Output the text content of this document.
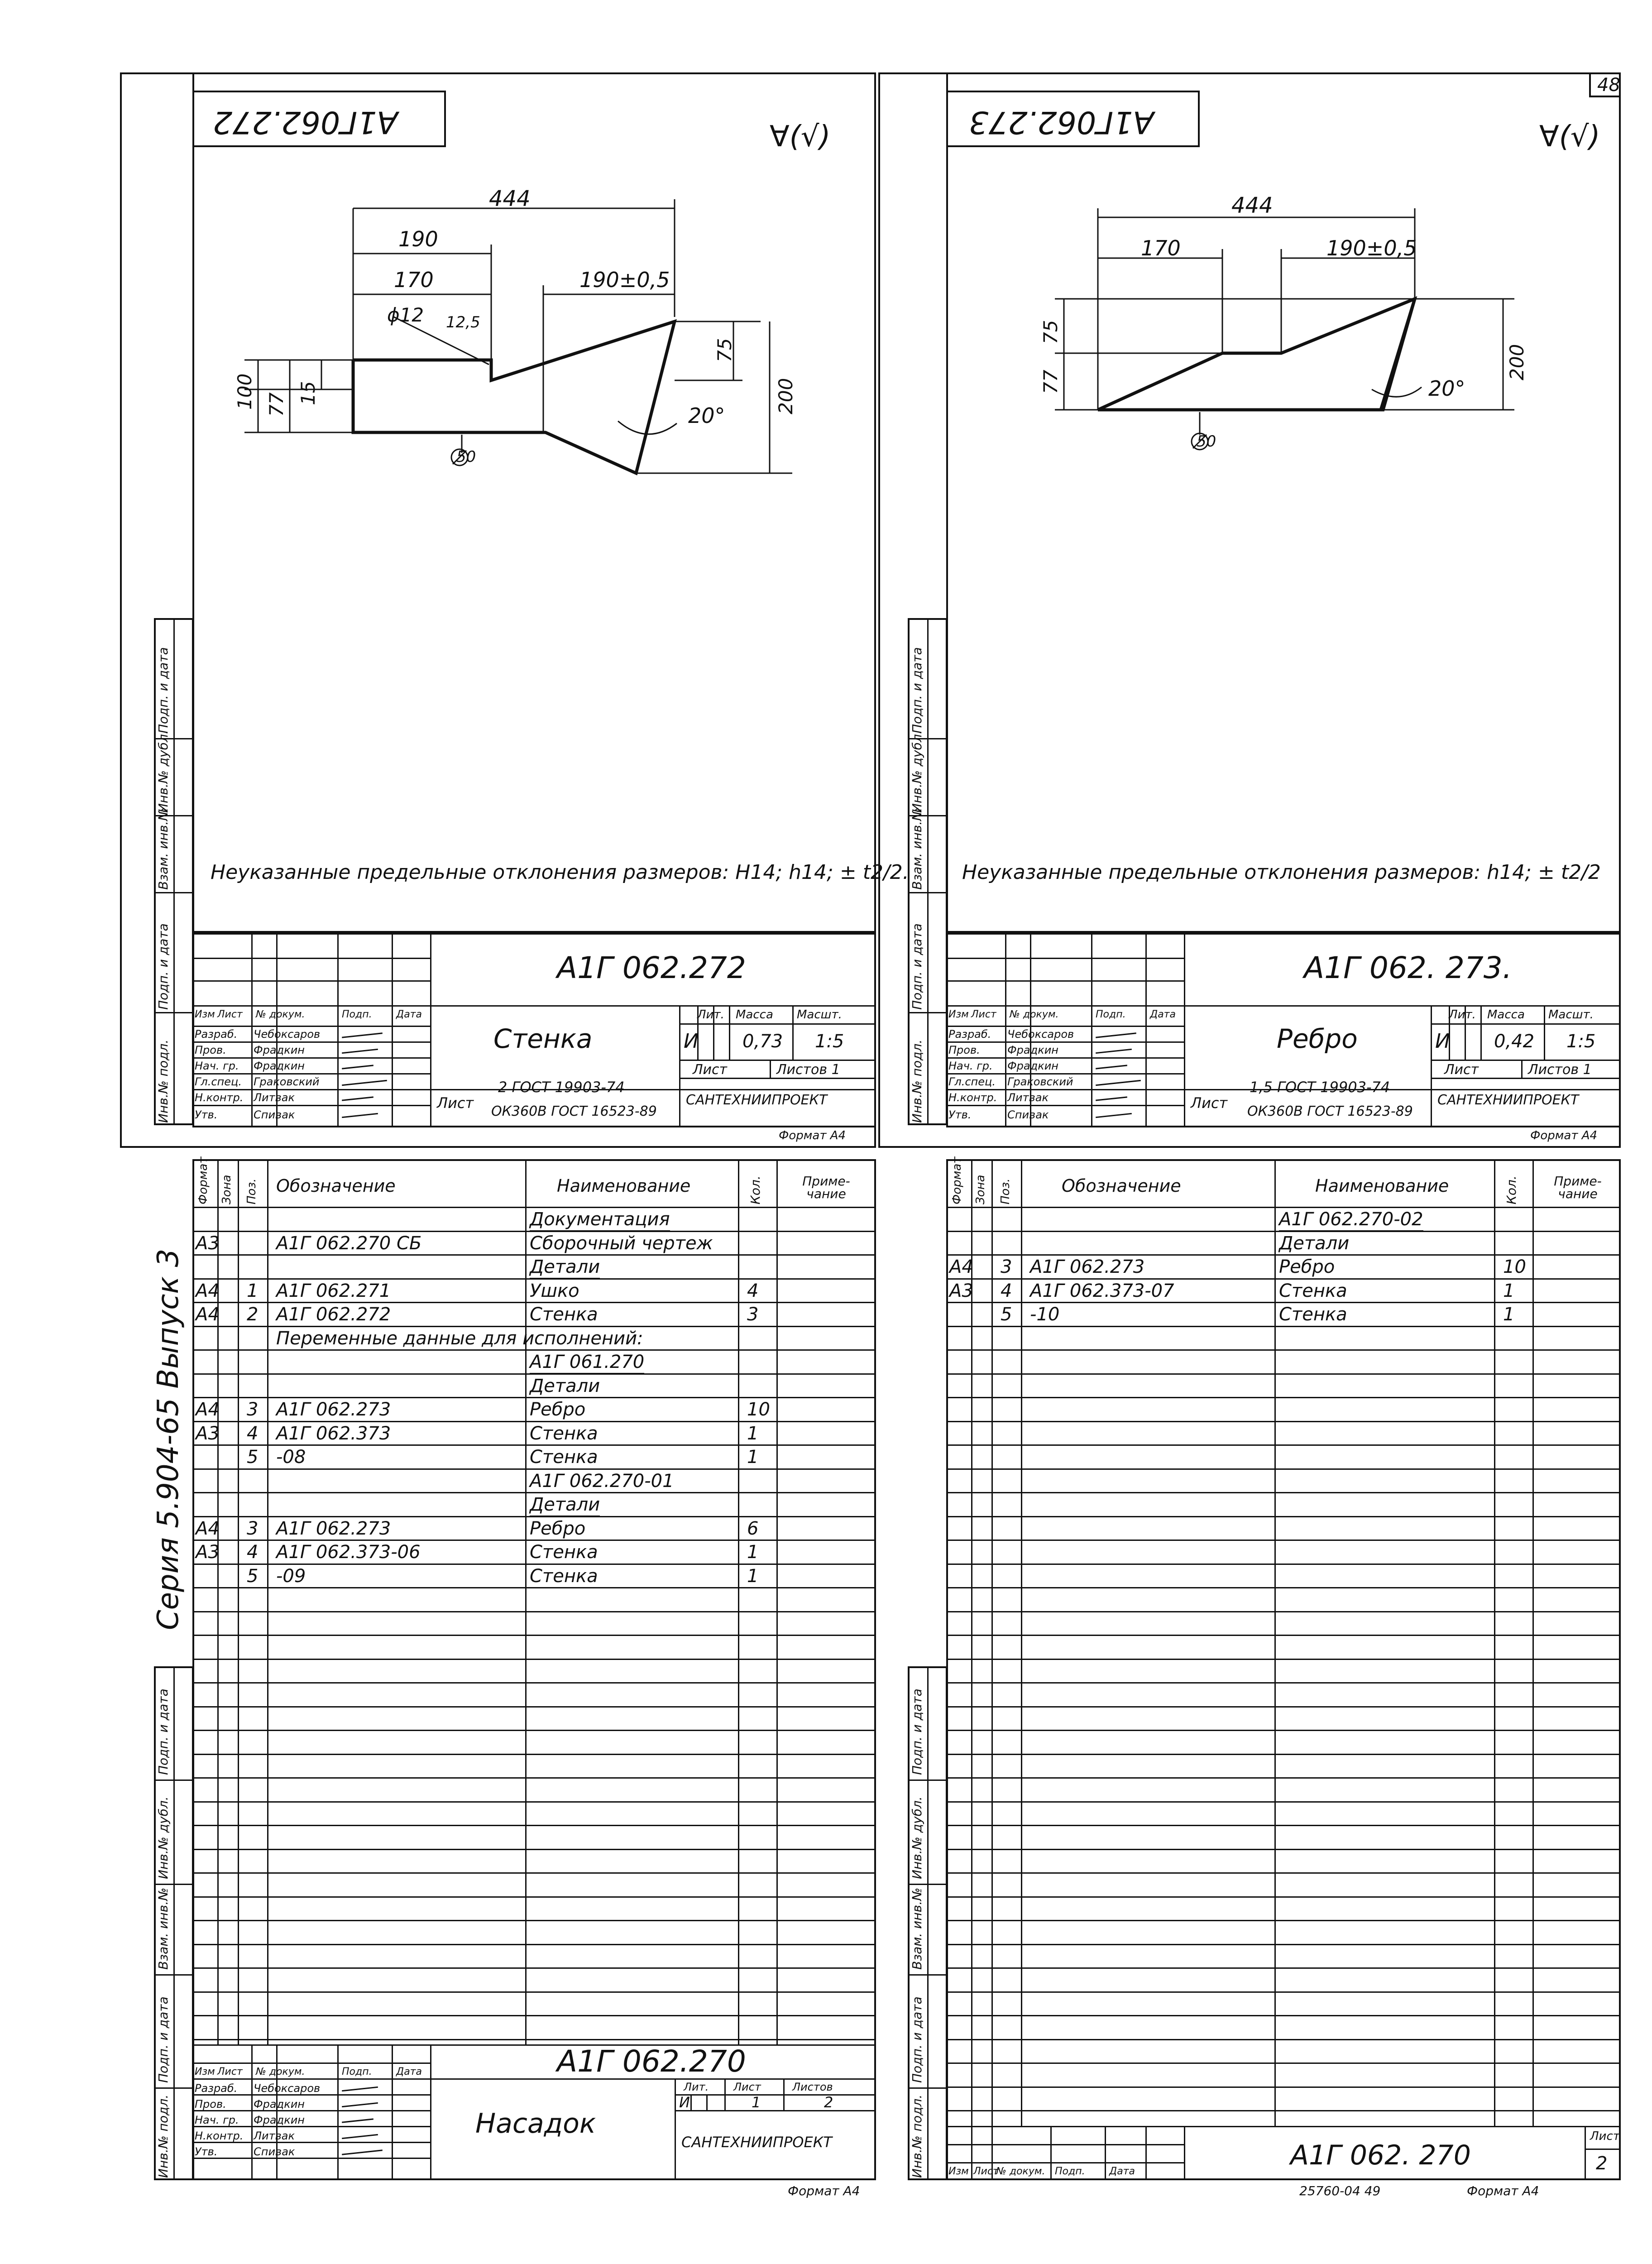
А1Г062.272	∀(√)
444
190
170	190±0,5
ϕ12 12,5
100 77 15
75
200
20°
50
Неуказанные предельные отклонения размеров: H14; h14; ± t2/2.
Подп. и дата
Инв.№ дубл.
Взам. инв.№
Подп. и дата
Инв.№ подл.
А1Г 062.272
Стенка
Лит. Масса Масшт.
И 0,73 1:5
Лист	Листов 1
Лист
2 ГОСТ 19903-74
ОК360В ГОСТ 16523-89
САНТЕХНИИПРОЕКТ
Формат А4
Изм Лист № докум.	Подп. Дата
Разраб. Чебоксаров
Пров.	Фрадкин
Нач. гр. Фрадкин
Гл.спец. Граковский
Н.контр. Литвак
Утв.	Спивак
А1Г062.273	∀(√)
48
444
170	190±0,5
75
77
200
20°
50
Неуказанные предельные отклонения размеров: h14; ± t2/2
Подп. и дата
Инв.№ дубл.
Взам. инв.№
Подп. и дата
Инв.№ подл.
А1Г 062. 273.
Ребро
Лит. Масса Масшт.
И 0,42 1:5
Лист	Листов 1
Лист
1,5 ГОСТ 19903-74
ОК360В ГОСТ 16523-89
САНТЕХНИИПРОЕКТ
Формат А4
Изм Лист № докум.	Подп. Дата
Разраб. Чебоксаров
Пров.	Фрадкин
Нач. гр. Фрадкин
Гл.спец. Граковский
Н.контр. Литвак
Утв.	Спивак
Серия 5.904-65 Выпуск 3
Подп. и дата
Инв.№ дубл.
Взам. инв.№
Подп. и дата
Инв.№ подл.
Формат Зона Поз. Обозначение	Наименование	Кол.	Приме-чание
Документация
А3	А1Г 062.270 СБ	Сборочный чертеж
Детали
А4 1 А1Г 062.271	Ушко	4
А4 2 А1Г 062.272	Стенка	3
Переменные данные для исполнений:
А1Г 061.270
Детали
А4 3 А1Г 062.273	Ребро	10
А3 4 А1Г 062.373	Стенка	1
5 -08	Стенка	1
А1Г 062.270-01
Детали
А4 3 А1Г 062.273	Ребро	6
А3 4 А1Г 062.373-06	Стенка	1
5 -09	Стенка	1
А1Г 062.270
Насадок
Лит. Лист	Листов
И	1	2
САНТЕХНИИПРОЕКТ
Формат А4
Изм Лист № докум.	Подп. Дата
Разраб. Чебоксаров
Пров.	Фрадкин
Нач. гр. Фрадкин
Н.контр. Литвак
Утв.	Спивак
Подп. и дата
Инв.№ дубл.
Взам. инв.№
Подп. и дата
Инв.№ подл.
Формат Зона Поз.	Обозначение	Наименование	Кол.	Приме-чание
А1Г 062.270-02
Детали
А4 3 А1Г 062.273	Ребро	10
А3 4 А1Г 062.373-07	Стенка	1
5 -10	Стенка	1
А1Г 062. 270
Лист
2
Изм Лист
№ докум. Подп. Дата
25760-04 49	Формат А4
